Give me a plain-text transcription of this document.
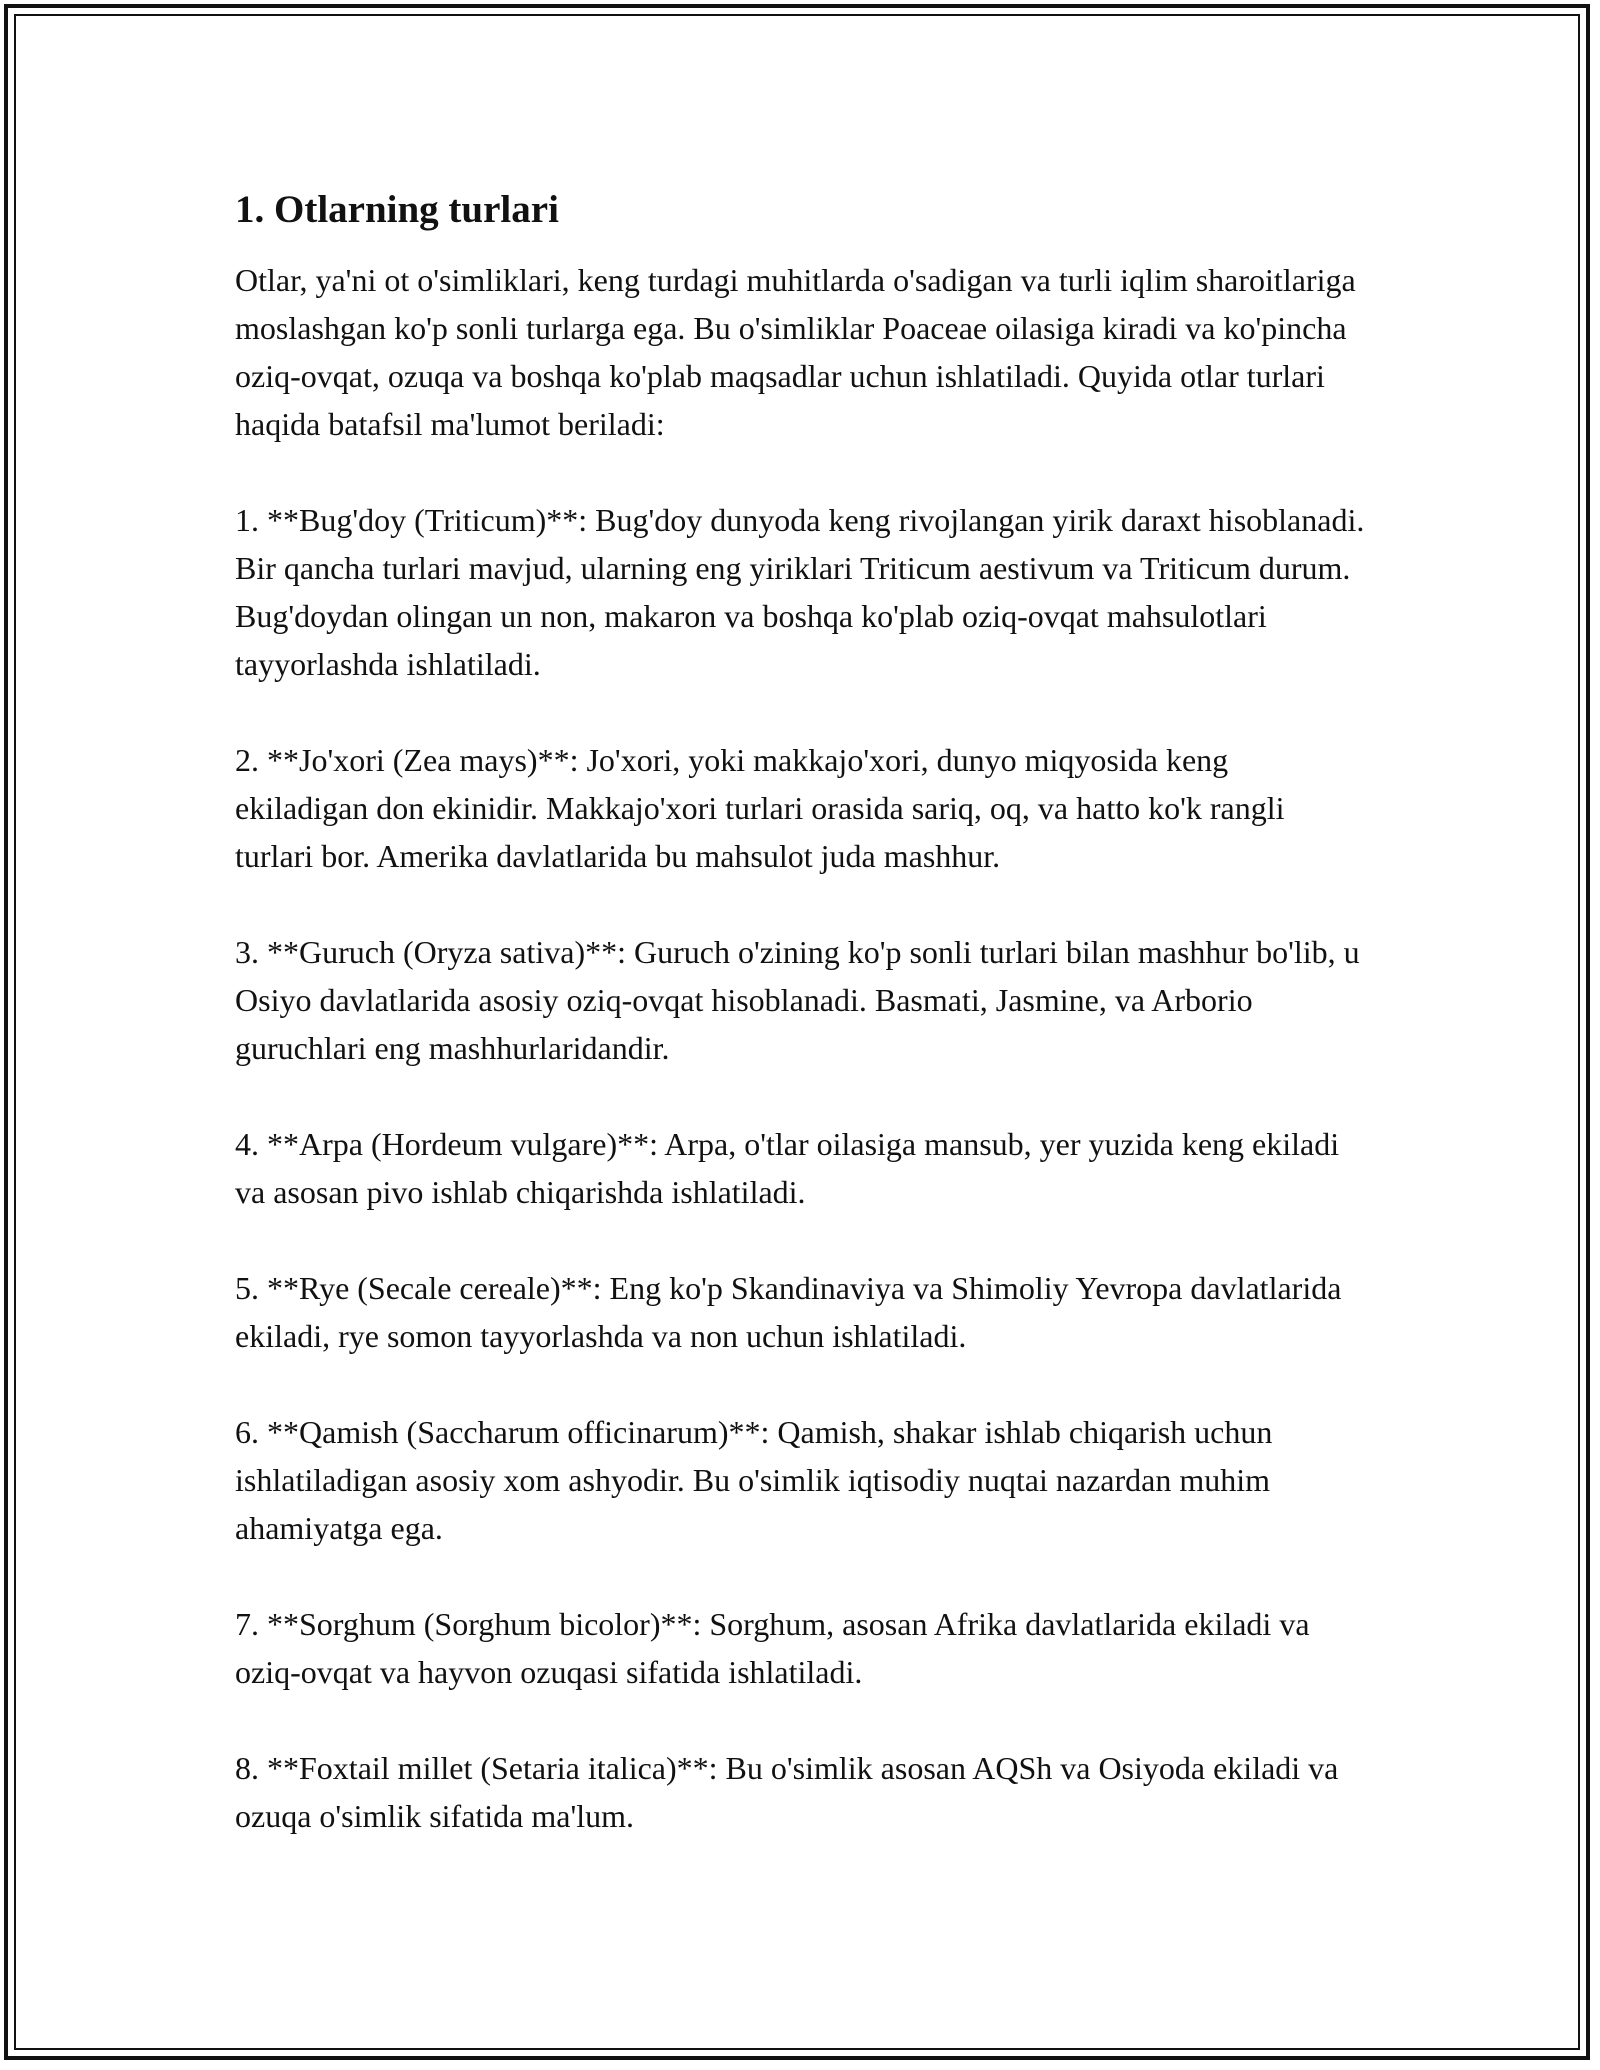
1. Otlarning turlari

Otlar, ya'ni ot o'simliklari, keng turdagi muhitlarda o'sadigan va turli iqlim sharoitlariga moslashgan ko'p sonli turlarga ega. Bu o'simliklar Poaceae oilasiga kiradi va ko'pincha oziq-ovqat, ozuqa va boshqa ko'plab maqsadlar uchun ishlatiladi. Quyida otlar turlari haqida batafsil ma'lumot beriladi:

1. **Bug'doy (Triticum)**: Bug'doy dunyoda keng rivojlangan yirik daraxt hisoblanadi. Bir qancha turlari mavjud, ularning eng yiriklari Triticum aestivum va Triticum durum. Bug'doydan olingan un non, makaron va boshqa ko'plab oziq-ovqat mahsulotlari tayyorlashda ishlatiladi.

2. **Jo'xori (Zea mays)**: Jo'xori, yoki makkajo'xori, dunyo miqyosida keng ekiladigan don ekinidir. Makkajo'xori turlari orasida sariq, oq, va hatto ko'k rangli turlari bor. Amerika davlatlarida bu mahsulot juda mashhur.

3. **Guruch (Oryza sativa)**: Guruch o'zining ko'p sonli turlari bilan mashhur bo'lib, u Osiyo davlatlarida asosiy oziq-ovqat hisoblanadi. Basmati, Jasmine, va Arborio guruchlari eng mashhurlaridandir.

4. **Arpa (Hordeum vulgare)**: Arpa, o'tlar oilasiga mansub, yer yuzida keng ekiladi va asosan pivo ishlab chiqarishda ishlatiladi.

5. **Rye (Secale cereale)**: Eng ko'p Skandinaviya va Shimoliy Yevropa davlatlarida ekiladi, rye somon tayyorlashda va non uchun ishlatiladi.

6. **Qamish (Saccharum officinarum)**: Qamish, shakar ishlab chiqarish uchun ishlatiladigan asosiy xom ashyodir. Bu o'simlik iqtisodiy nuqtai nazardan muhim ahamiyatga ega.

7. **Sorghum (Sorghum bicolor)**: Sorghum, asosan Afrika davlatlarida ekiladi va oziq-ovqat va hayvon ozuqasi sifatida ishlatiladi.

8. **Foxtail millet (Setaria italica)**: Bu o'simlik asosan AQSh va Osiyoda ekiladi va ozuqa o'simlik sifatida ma'lum.
